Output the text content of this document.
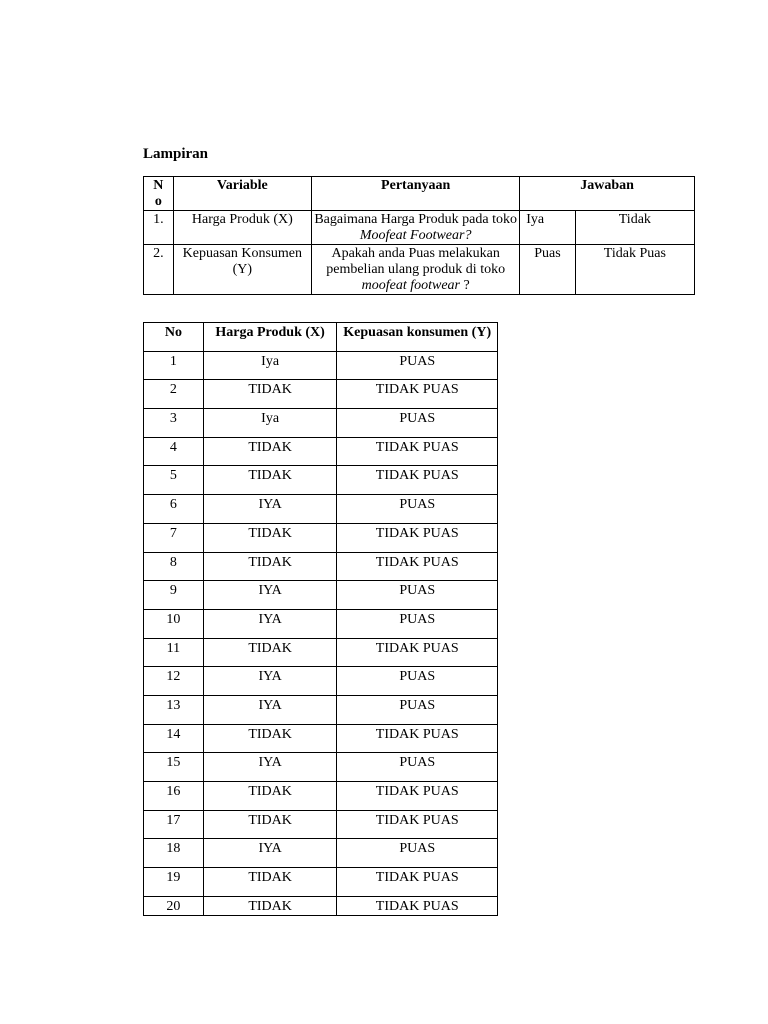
Lampiran
N
o	Variable	Pertanyaan	Jawaban	
1.	Harga Produk (X)	Bagaimana Harga Produk pada toko Moofeat Footwear?	Iya	Tidak
2.	Kepuasan Konsumen (Y)	Apakah anda Puas melakukan pembelian ulang produk di toko moofeat footwear ?	Puas	Tidak Puas
No	Harga Produk (X)	Kepuasan konsumen (Y)
1	Iya	PUAS
2	TIDAK	TIDAK PUAS
3	Iya	PUAS
4	TIDAK	TIDAK PUAS
5	TIDAK	TIDAK PUAS
6	IYA	PUAS
7	TIDAK	TIDAK PUAS
8	TIDAK	TIDAK PUAS
9	IYA	PUAS
10	IYA	PUAS
11	TIDAK	TIDAK PUAS
12	IYA	PUAS
13	IYA	PUAS
14	TIDAK	TIDAK PUAS
15	IYA	PUAS
16	TIDAK	TIDAK PUAS
17	TIDAK	TIDAK PUAS
18	IYA	PUAS
19	TIDAK	TIDAK PUAS
20	TIDAK	TIDAK PUAS
